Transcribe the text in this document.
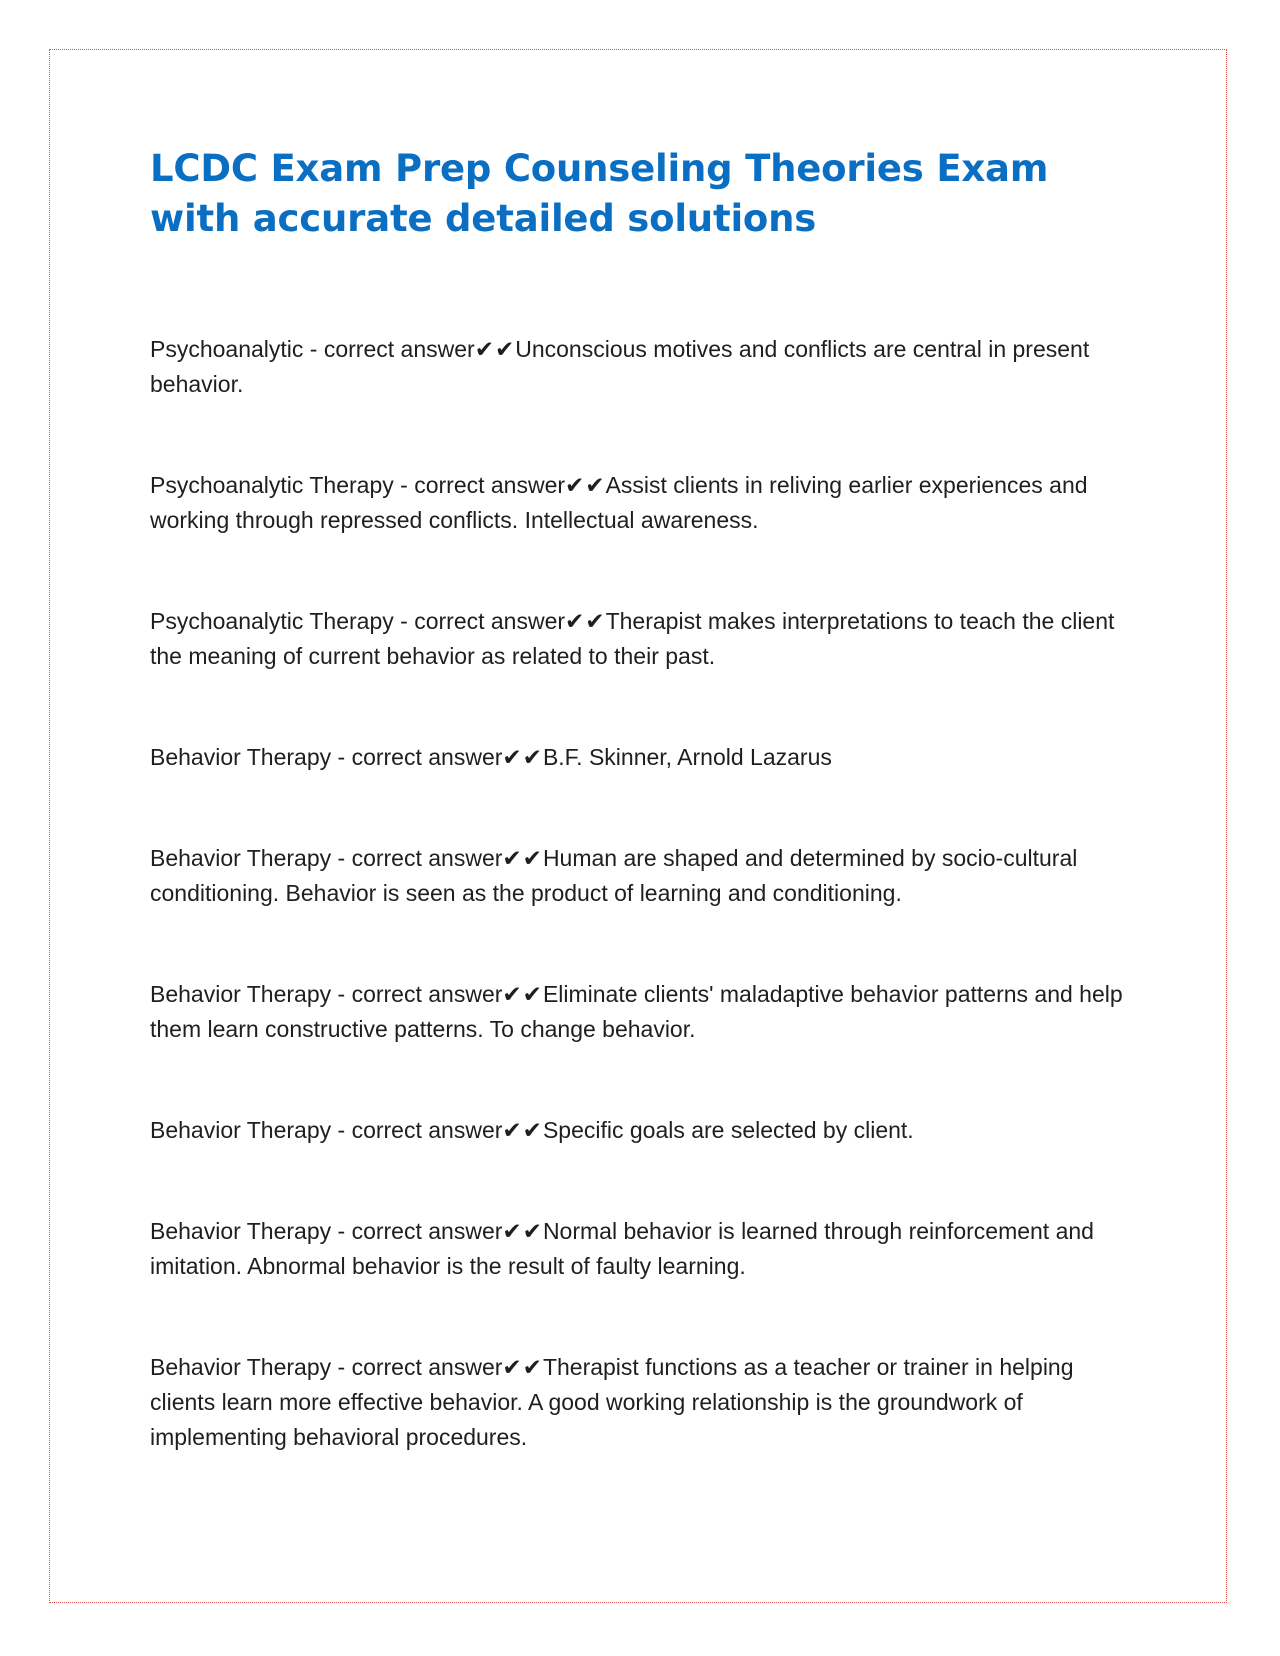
LCDC Exam Prep Counseling Theories Exam with accurate detailed solutions

Psychoanalytic - correct answer✔✔Unconscious motives and conflicts are central in present behavior.

Psychoanalytic Therapy - correct answer✔✔Assist clients in reliving earlier experiences and working through repressed conflicts. Intellectual awareness.

Psychoanalytic Therapy - correct answer✔✔Therapist makes interpretations to teach the client the meaning of current behavior as related to their past.

Behavior Therapy - correct answer✔✔B.F. Skinner, Arnold Lazarus

Behavior Therapy - correct answer✔✔Human are shaped and determined by socio-cultural conditioning. Behavior is seen as the product of learning and conditioning.

Behavior Therapy - correct answer✔✔Eliminate clients' maladaptive behavior patterns and help them learn constructive patterns. To change behavior.

Behavior Therapy - correct answer✔✔Specific goals are selected by client.

Behavior Therapy - correct answer✔✔Normal behavior is learned through reinforcement and imitation. Abnormal behavior is the result of faulty learning.

Behavior Therapy - correct answer✔✔Therapist functions as a teacher or trainer in helping clients learn more effective behavior. A good working relationship is the groundwork of implementing behavioral procedures.
